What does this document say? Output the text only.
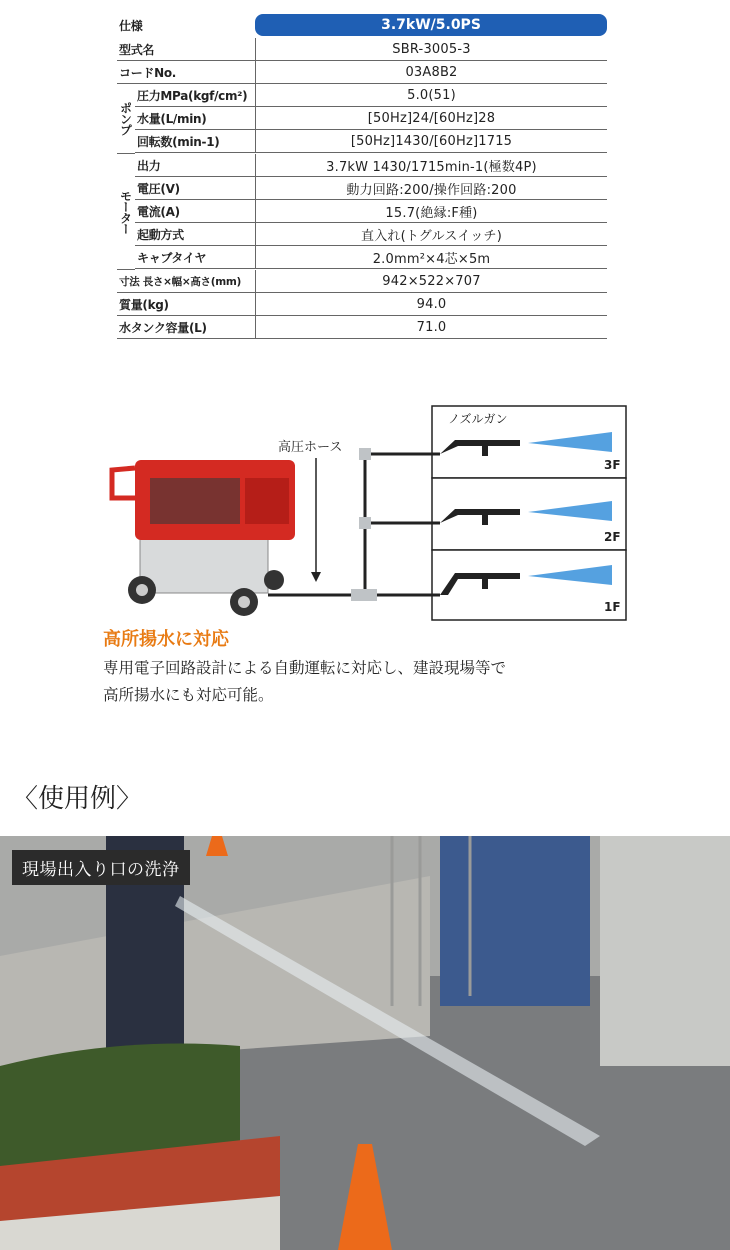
仕様	3.7kW/5.0PS
型式名	SBR-3005-3
コードNo.	03A8B2
ポンプ
圧力MPa(kgf/cm²)	5.0(51)
水量(L/min)	[50Hz]24/[60Hz]28
回転数(min-1)	[50Hz]1430/[60Hz]1715
モーター
出力	3.7kW 1430/1715min-1(極数4P)
電圧(V)	動力回路:200/操作回路:200
電流(A)	15.7(絶縁:F種)
起動方式	直入れ(トグルスイッチ)
キャブタイヤ	2.0mm²×4芯×5m
寸法 長さ×幅×高さ(mm)	942×522×707
質量(kg)	94.0
水タンク容量(L)	71.0
高圧ホース
ノズルガン
3F
2F
1F
高所揚水に対応
専用電子回路設計による自動運転に対応し、建設現場等で
高所揚水にも対応可能。
〈使用例〉
現場出入り口の洗浄
